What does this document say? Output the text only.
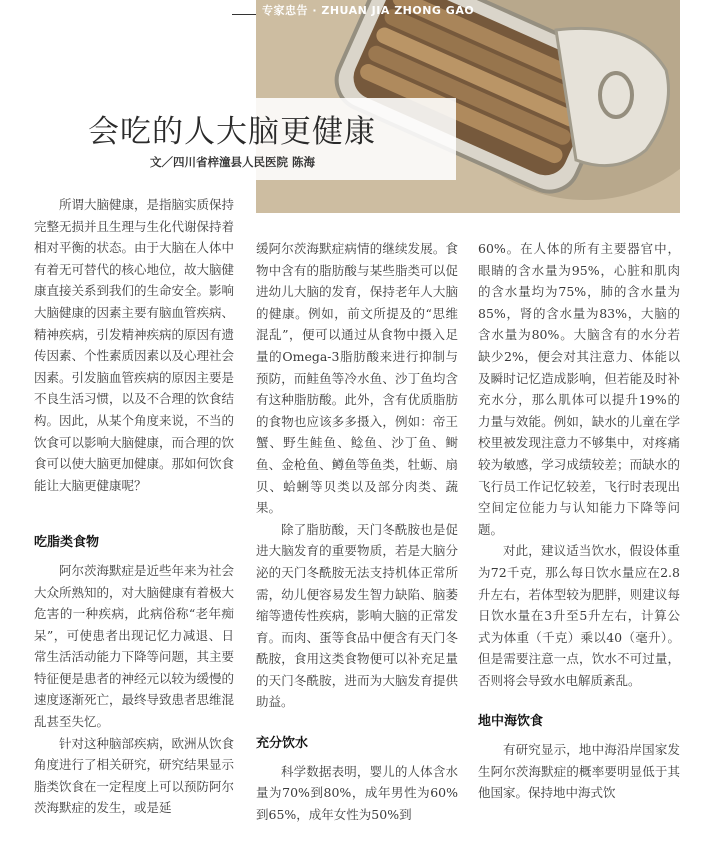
专家忠告 · ZHUAN JIA ZHONG GAO
会吃的人大脑更健康
文／四川省梓潼县人民医院 陈海

所谓大脑健康，是指脑实质保持完整无损并且生理与生化代谢保持着相对平衡的状态。由于大脑在人体中有着无可替代的核心地位，故大脑健康直接关系到我们的生命安全。影响大脑健康的因素主要有脑血管疾病、精神疾病，引发精神疾病的原因有遗传因素、个性素质因素以及心理社会因素。引发脑血管疾病的原因主要是不良生活习惯，以及不合理的饮食结构。因此，从某个角度来说，不当的饮食可以影响大脑健康，而合理的饮食可以使大脑更加健康。那如何饮食能让大脑更健康呢？

吃脂类食物

阿尔茨海默症是近些年来为社会大众所熟知的，对大脑健康有着极大危害的一种疾病，此病俗称“老年痴呆”，可使患者出现记忆力减退、日常生活活动能力下降等问题，其主要特征便是患者的神经元以较为缓慢的速度逐渐死亡，最终导致患者思维混乱甚至失忆。

针对这种脑部疾病，欧洲从饮食角度进行了相关研究，研究结果显示脂类饮食在一定程度上可以预防阿尔茨海默症的发生，或是延

缓阿尔茨海默症病情的继续发展。食物中含有的脂肪酸与某些脂类可以促进幼儿大脑的发育，保持老年人大脑的健康。例如，前文所提及的“思维混乱”，便可以通过从食物中摄入足量的Omega-3脂肪酸来进行抑制与预防，而鲑鱼等冷水鱼、沙丁鱼均含有这种脂肪酸。此外，含有优质脂肪的食物也应该多多摄入，例如：帝王蟹、野生鲑鱼、鲶鱼、沙丁鱼、鲥鱼、金枪鱼、鳟鱼等鱼类，牡蛎、扇贝、蛤蜊等贝类以及部分肉类、蔬果。

除了脂肪酸，天门冬酰胺也是促进大脑发育的重要物质，若是大脑分泌的天门冬酰胺无法支持机体正常所需，幼儿便容易发生智力缺陷、脑萎缩等遗传性疾病，影响大脑的正常发育。而肉、蛋等食品中便含有天门冬酰胺，食用这类食物便可以补充足量的天门冬酰胺，进而为大脑发育提供助益。

充分饮水

科学数据表明，婴儿的人体含水量为70%到80%，成年男性为60%到65%，成年女性为50%到

60%。在人体的所有主要器官中，眼睛的含水量为95%，心脏和肌肉的含水量均为75%，肺的含水量为85%，肾的含水量为83%，大脑的含水量为80%。大脑含有的水分若缺少2%，便会对其注意力、体能以及瞬时记忆造成影响，但若能及时补充水分，那么肌体可以提升19%的力量与效能。例如，缺水的儿童在学校里被发现注意力不够集中，对疼痛较为敏感，学习成绩较差；而缺水的飞行员工作记忆较差，飞行时表现出空间定位能力与认知能力下降等问题。

对此，建议适当饮水，假设体重为72千克，那么每日饮水量应在2.8升左右，若体型较为肥胖，则建议每日饮水量在3升至5升左右，计算公式为体重（千克）乘以40（毫升）。但是需要注意一点，饮水不可过量，否则将会导致水电解质紊乱。

地中海饮食

有研究显示，地中海沿岸国家发生阿尔茨海默症的概率要明显低于其他国家。保持地中海式饮
